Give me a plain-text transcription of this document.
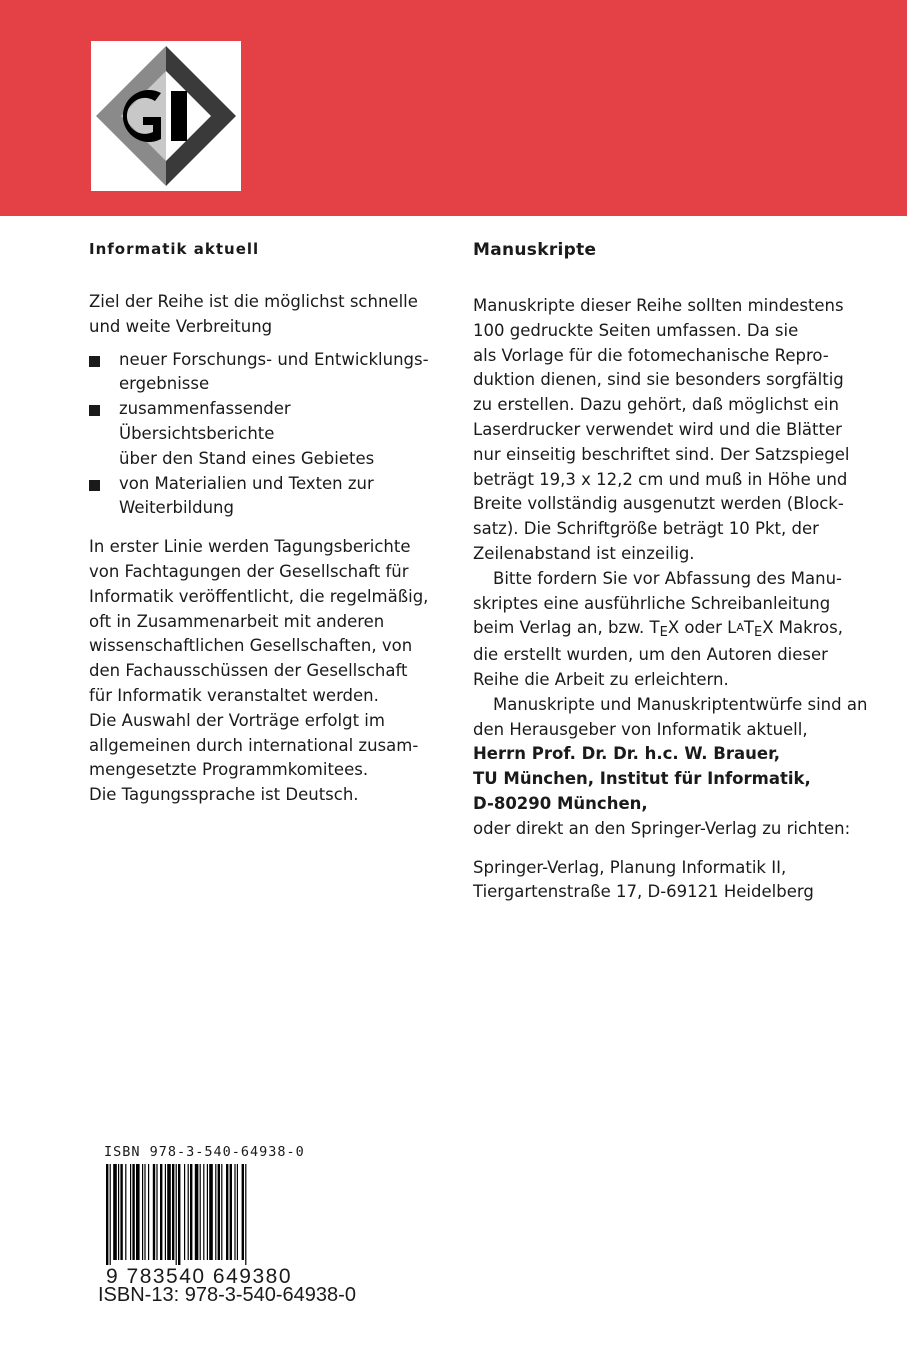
GI
Informatik aktuell

Ziel der Reihe ist die möglichst schnelle

und weite Verbreitung

neuer Forschungs- und Entwicklungs-
ergebnisse
zusammenfassender Übersichtsberichte
über den Stand eines Gebietes
von Materialien und Texten zur
Weiterbildung

In erster Linie werden Tagungsberichte

von Fachtagungen der Gesellschaft für

Informatik veröffentlicht, die regelmäßig,

oft in Zusammenarbeit mit anderen

wissenschaftlichen Gesellschaften, von

den Fachausschüssen der Gesellschaft

für Informatik veranstaltet werden.

Die Auswahl der Vorträge erfolgt im

allgemeinen durch international zusam-

mengesetzte Programmkomitees.

Die Tagungssprache ist Deutsch.

Manuskripte

Manuskripte dieser Reihe sollten mindestens

100 gedruckte Seiten umfassen. Da sie

als Vorlage für die fotomechanische Repro-

duktion dienen, sind sie besonders sorgfältig

zu erstellen. Dazu gehört, daß möglichst ein

Laserdrucker verwendet wird und die Blätter

nur einseitig beschriftet sind. Der Satzspiegel

beträgt 19,3 x 12,2 cm und muß in Höhe und

Breite vollständig ausgenutzt werden (Block-

satz). Die Schriftgröße beträgt 10 Pkt, der

Zeilenabstand ist einzeilig.

Bitte fordern Sie vor Abfassung des Manu-

skriptes eine ausführliche Schreibanleitung

beim Verlag an, bzw. TEX oder LATEX Makros,

die erstellt wurden, um den Autoren dieser

Reihe die Arbeit zu erleichtern.

Manuskripte und Manuskriptentwürfe sind an

den Herausgeber von Informatik aktuell,

Herrn Prof. Dr. Dr. h.c. W. Brauer,

TU München, Institut für Informatik,

D-80290 München,

oder direkt an den Springer-Verlag zu richten:

Springer-Verlag, Planung Informatik II,

Tiergartenstraße 17, D-69121 Heidelberg

ISBN 978-3-540-64938-0
9 783540 649380
ISBN-13: 978-3-540-64938-0
